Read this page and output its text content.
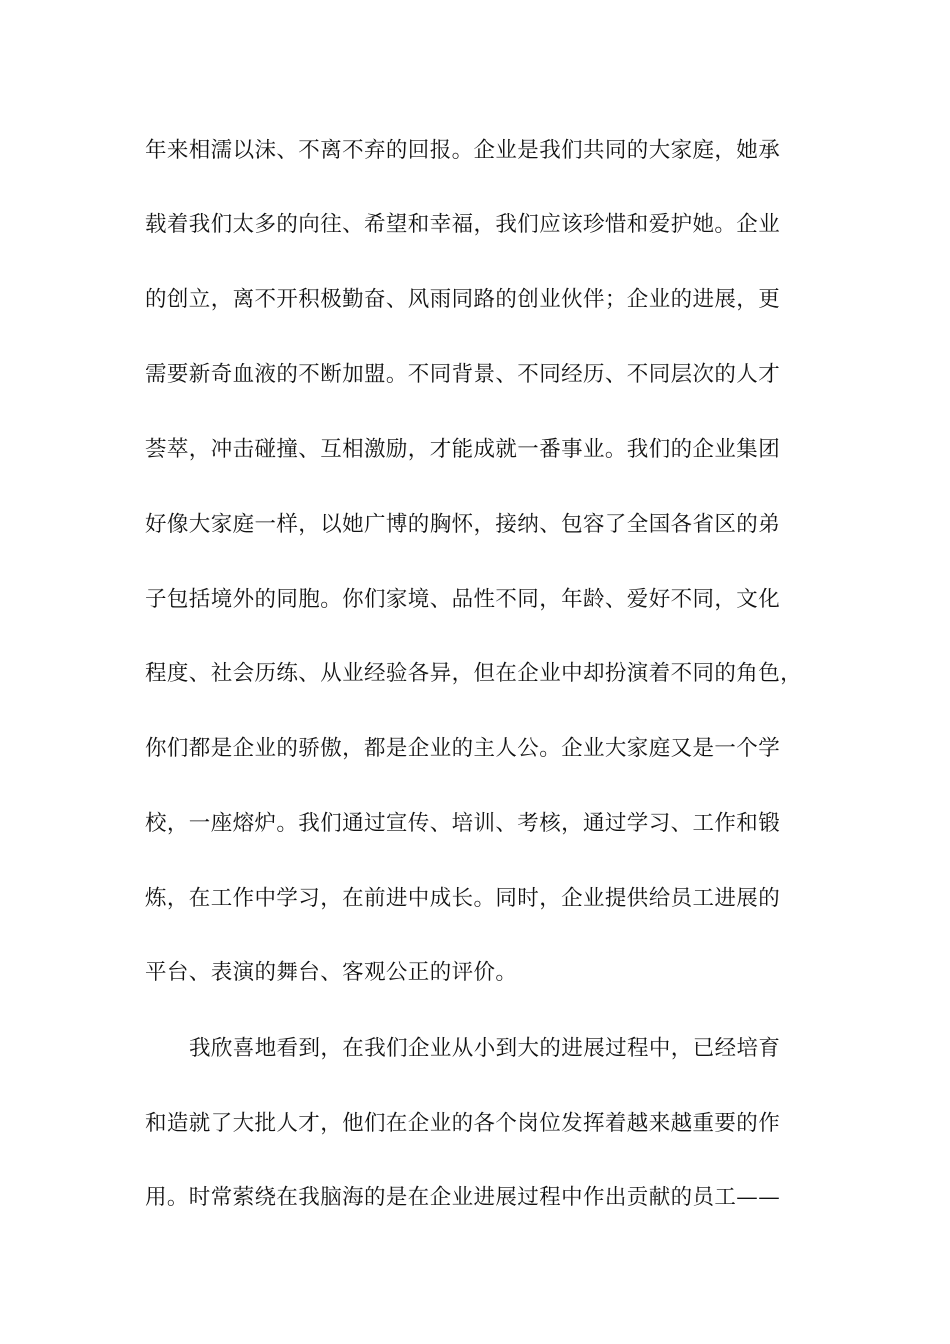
年来相濡以沫、不离不弃的回报。企业是我们共同的大家庭，她承
载着我们太多的向往、希望和幸福，我们应该珍惜和爱护她。企业
的创立，离不开积极勤奋、风雨同路的创业伙伴；企业的进展，更
需要新奇血液的不断加盟。不同背景、不同经历、不同层次的人才
荟萃，冲击碰撞、互相激励，才能成就一番事业。我们的企业集团
好像大家庭一样，以她广博的胸怀，接纳、包容了全国各省区的弟
子包括境外的同胞。你们家境、品性不同，年龄、爱好不同，文化
程度、社会历练、从业经验各异，但在企业中却扮演着不同的角色，
你们都是企业的骄傲，都是企业的主人公。企业大家庭又是一个学
校，一座熔炉。我们通过宣传、培训、考核，通过学习、工作和锻
炼，在工作中学习，在前进中成长。同时，企业提供给员工进展的
平台、表演的舞台、客观公正的评价。
我欣喜地看到，在我们企业从小到大的进展过程中，已经培育
和造就了大批人才，他们在企业的各个岗位发挥着越来越重要的作
用。时常萦绕在我脑海的是在企业进展过程中作出贡献的员工——
